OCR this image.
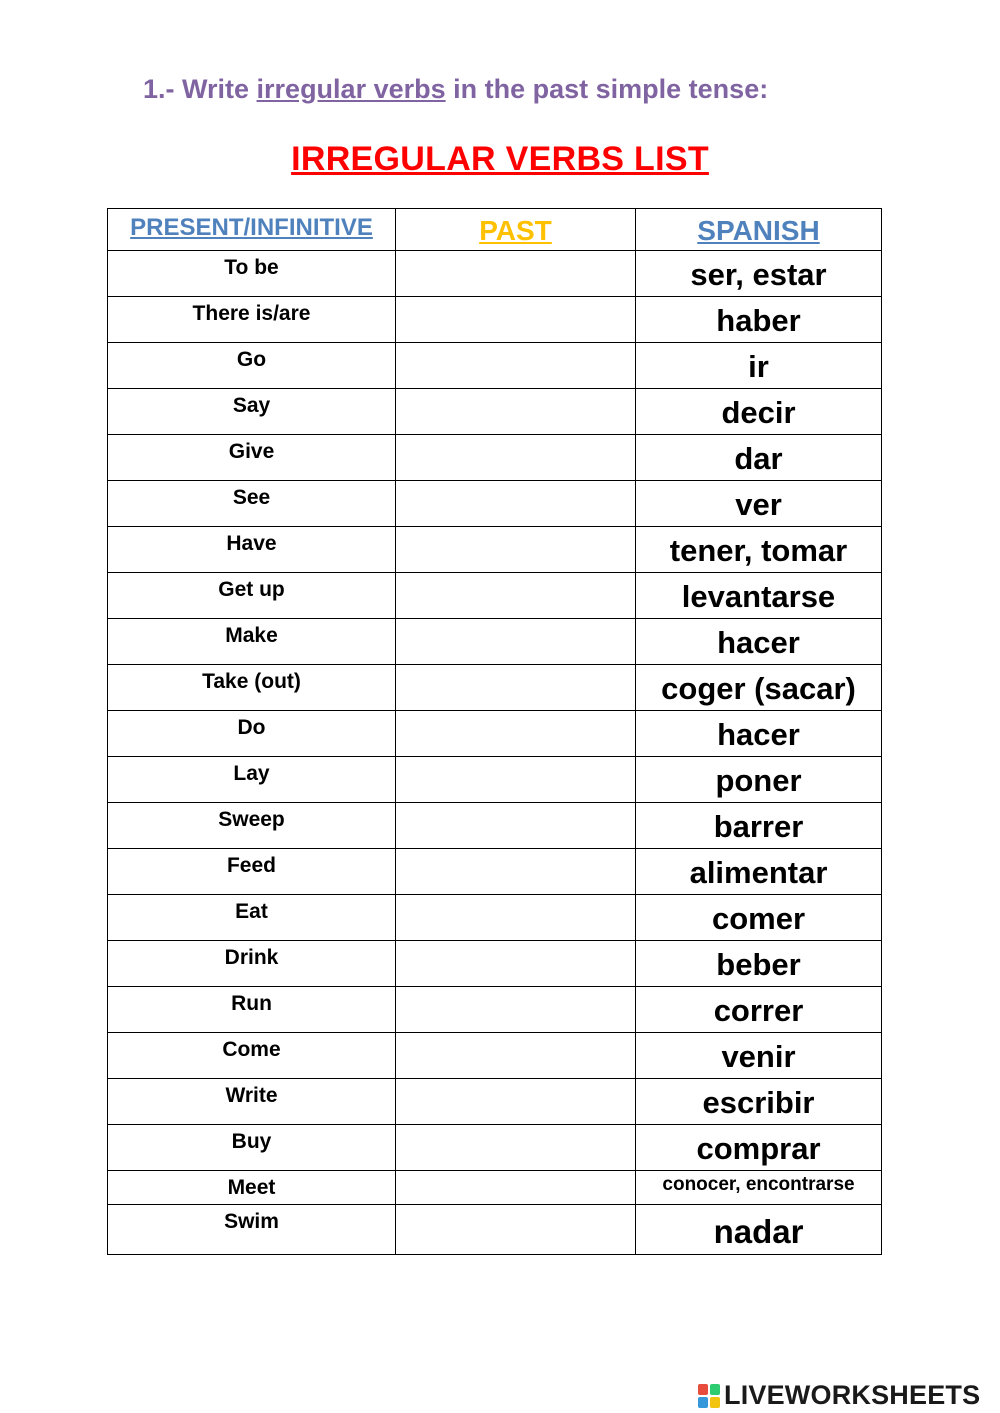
1.- Write irregular verbs in the past simple tense:
IRREGULAR VERBS LIST
PRESENT/INFINITIVE	PAST	SPANISH

To be		ser, estar

There is/are		haber

Go		ir

Say		decir

Give		dar

See		ver

Have		tener, tomar

Get up		levantarse

Make		hacer

Take (out)		coger (sacar)

Do		hacer

Lay		poner

Sweep		barrer

Feed		alimentar

Eat		comer

Drink		beber

Run		correr

Come		venir

Write		escribir

Buy		comprar

Meet		conocer, encontrarse

Swim		nadar
LIVEWORKSHEETS
